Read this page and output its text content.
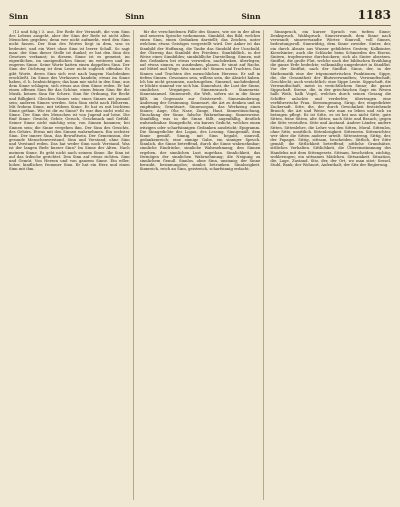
Sinn	Sinn	Sinn	1183

(13 und folg.) 3. aus. Die Rede der Vernunft, die vom Sinn des Lebens ausgeht, aber der Sinn der Rede ist nicht allen Menschen gegeben; denn wer nicht aufmerkt, wird den Sinn nicht fassen. Der Sinn des Wortes liegt in dem, was es bedeutet, und ein Wort ohne Sinn ist leerer Schall. So sagt man: der Sinn dieser Stelle ist dunkel; er hat den Sinn des Gesetzes verkannt; in diesem Sinne ist es gemeint; im eigentlichen, im uneigentlichen Sinne; im weiteren und im engeren Sinne. Seine Worte hatten einen doppelten Sinn. Der Sinn der Dichtung ist dem Leser nicht sogleich offenbar. Es gibt Worte, deren Sinn sich erst nach langem Nachdenken erschließt. Im Sinne des Verfassers handeln; etwas im Sinne haben, d. h. beabsichtigen; das kam mir nicht in den Sinn; aus dem Sinne schlagen; sich etwas aus dem Sinne reden. Er hat einen offenen Sinn für das Schöne, einen feinen Sinn für die Musik, keinen Sinn für Scherz. Sinn für Ordnung, für Recht und Billigkeit. Gleichen Sinnes sein; eines Sinnes mit jemand sein; anderen Sinnes werden. Sein Sinn steht nach Höherem. Mit frohem Sinne, mit trübem Sinne. Er hat es mit leichtem Sinne gethan. Wie ist dir zu Sinne? Es war ihm nicht wohl zu Sinne. Der Sinn des Menschen ist von Jugend auf böse. Die fünf Sinne: Gesicht, Gehör, Geruch, Geschmack und Gefühl. Seiner Sinne nicht mächtig sein; von Sinnen kommen; bei Sinnen sein; die Sinne vergehen ihm. Der Sinn des Gesichts, des Gehörs. Etwas mit den Sinnen wahrnehmen. Ein sechster Sinn. Der innere Sinn, das Bewußtsein. Der Gemeinsinn, der gesunde Menschenverstand. Sinn und Verstand; ohne Sinn und Verstand reden. Das hat weder Sinn noch Verstand. Was ist der langen Rede kurzer Sinn? Im Sinne der Alten. Nach meinem Sinne. Es geht nicht nach seinem Sinne. Ihr Sinn ist auf das Irdische gerichtet. Den Sinn auf etwas richten. Sinn und Gemüt. Von Herzen und von ganzem Sinne. Ein edler, hoher, kindlicher, frommer Sinn. Er hat ein Herz und einen Sinn mit ihm.

für die verschiedenen Fälle des Sinnes, wie sie in der alten und neueren Sprache vorkommen. Sinnbild, das Bild, welches einen Sinn, einen Gedanken darstellt; das Zeichen, unter welchem etwas Geistiges vorgestellt wird. Der Anker ist das Sinnbild der Hoffnung, die Taube das Sinnbild der Unschuld, der Ölzweig das Sinnbild des Friedens. Sinnbildlich, in der Weise eines Sinnbildes; sinnbildliche Darstellung. Sinnen, mit den Gedanken bei etwas verweilen, nachdenken, überlegen; auf etwas sinnen, es ausdenken, planen. Er sinnt auf Rache, auf Mittel und Wege. Was sinnst du? Sinnen und Trachten. Das Sinnen und Trachten des menschlichen Herzens. Er saß in tiefem Sinnen. Gesonnen sein, willens sein, die Absicht haben. Ich bin nicht gesonnen, nachzugeben. Sinnend, nachdenkend; er blickte sinnend vor sich hin. Sinnenlust, die Lust der Sinne, sinnliches Vergnügen. Sinnenrausch. Sinnenreiz. Sinnentaumel. Sinnenwelt, die Welt, sofern sie in die Sinne fällt, im Gegensatz zur Geisteswelt. Sinnesänderung, Änderung der Gesinnung. Sinnesart, die Art zu denken und zu empfinden; Gemütsart. Sinnesorgan, das Werkzeug eines Sinnes; Auge, Ohr, Nase, Zunge, Haut. Sinnestäuschung, Täuschung der Sinne, falsche Wahrnehmung. Sinnesweise. Sinnfällig, was in die Sinne fällt, augenfällig, deutlich wahrnehmbar. Sinngedicht, ein kurzes Gedicht, welches einen witzigen oder scharfsinnigen Gedanken ausdrückt; Epigramm. Die Sinngedichte des Logau, des Lessing. Sinngemäß, dem Sinne gemäß. Sinnig, mit Sinn begabt, sinnvoll, gedankenreich; eine sinnige Gabe, ein sinniger Spruch. Sinnlich, die Sinne betreffend, durch die Sinne wahrnehmbar; sinnliche Eindrücke, sinnliche Wahrnehmung; den Sinnen ergeben, der sinnlichen Lust zugethan. Sinnlichkeit, das Vermögen der sinnlichen Wahrnehmung; die Neigung zu sinnlichem Genuß. Sinnlos, ohne Sinn, unsinnig; der Sinne beraubt, besinnungslos; sinnlos betrunken. Sinnlosigkeit. Sinnreich, reich an Sinn, geistreich, scharfsinnig erdacht.

Sinnspruch, ein kurzer Spruch von tiefem Sinne; Denkspruch, Wahlspruch. Sinnverwandt, dem Sinne nach verwandt; sinnverwandte Wörter. Sinnvoll, voll Sinnes, bedeutungsvoll. Sinnwidrig, dem Sinne zuwider. Sinter, der, ein durch Absatz aus Wasser gebildetes Gestein; Kalksinter, Kieselsinter; auch die Schlacke beim Schmieden des Eisens. Sintern, tropfenweise durchsickern; sich als Sinter absetzen. Sintflut, die große Flut, welche nach der biblischen Erzählung die ganze Erde bedeckte; volksmäßig umgedeutet in Sündflut. Vor der Sintflut, nach der Sintflut. Sinus, der, in der Mathematik eine der trigonometrischen Funktionen. Sippe, die, die Gesamtheit der Blutsverwandten; Verwandtschaft, Geschlecht; auch verächtlich: eine Sippe Leute. Sippschaft, die Verwandtschaft, meist in verächtlichem Sinne; die ganze Sippschaft. Sirene, die, in der griechischen Sage ein Wesen halb Weib, halb Vogel, welches durch seinen Gesang die Schiffer anlockte und verderbte; übertragen eine verführerische Frau. Sirenengesang. Sirup, der, eingedickter Zuckersaft. Sitte, die, der durch Gewohnheit feststehende Brauch; die Art und Weise, wie man zu leben und sich zu betragen pflegt. Es ist Sitte, es ist bei uns nicht Sitte; gute Sitten, feine Sitten, alte Sitten; nach Sitte und Brauch; gegen die Sitte verstoßen. Sitte und Anstand. Andere Länder, andere Sitten. Sittenlehre, die Lehre von den Sitten, Moral. Sittenlos, ohne Sitte, unsittlich. Sittenlosigkeit. Sittenrein. Sittenrichter, wer über die Sitten anderer urteilt. Sittenstreng. Sittig, der, der Papagei. Sittig, sittsam, bescheiden. Sittlich, der Sitte gemäß; die Sittlichkeit betreffend; sittliche Grundsätze, sittliches Verhalten. Sittlichkeit, die Übereinstimmung des Handelns mit dem Sittengesetz. Sittsam, bescheiden, züchtig, wohlerzogen; ein sittsames Mädchen. Sittsamkeit. Situation, die, Lage, Zustand. Sitz, der, der Ort, wo man sitzt; Sessel, Stuhl, Bank; der Wohnort, Aufenthalt; der Sitz der Regierung.
